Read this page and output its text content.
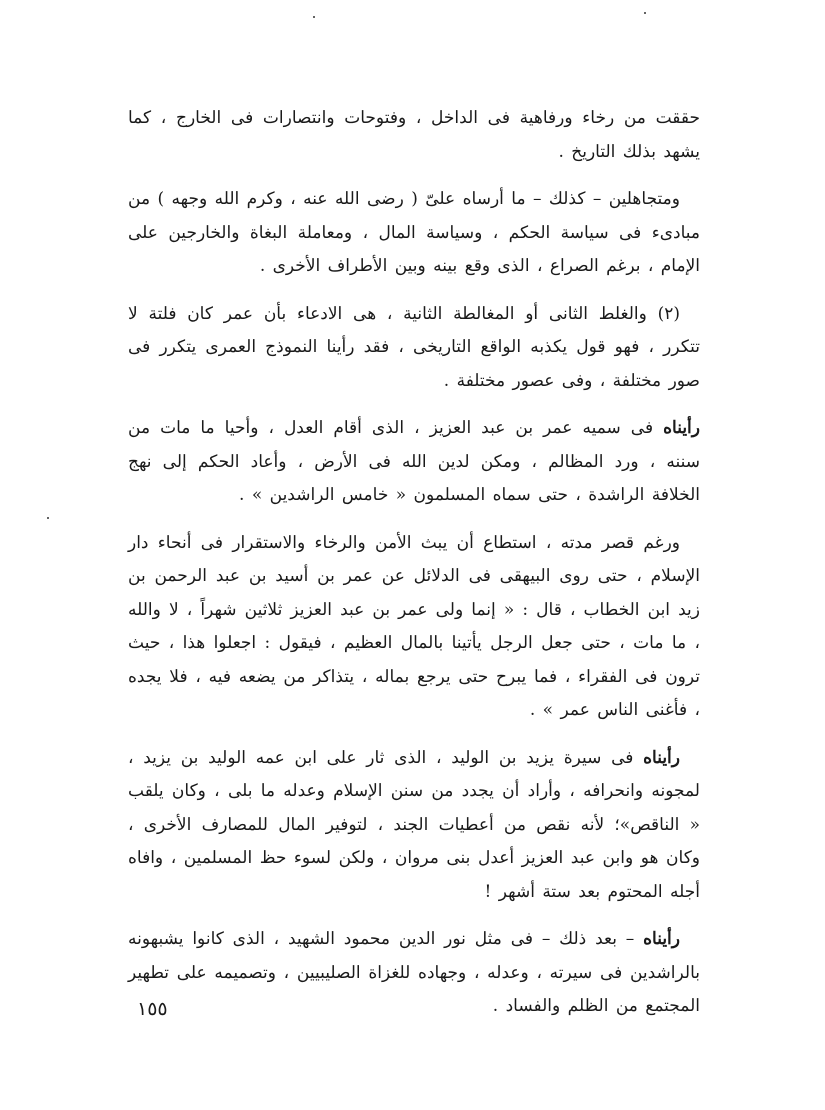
حققت من رخاء ورفاهية فى الداخل ، وفتوحات وانتصارات فى الخارج ، كما يشهد بذلك التاريخ .

ومتجاهلين – كذلك – ما أرساه علىّ ( رضى الله عنه ، وكرم الله وجهه ) من مبادىء فى سياسة الحكم ، وسياسة المال ، ومعاملة البغاة والخارجين على الإمام ، برغم الصراع ، الذى وقع بينه وبين الأطراف الأخرى .

(٢) والغلط الثانى أو المغالطة الثانية ، هى الادعاء بأن عمر كان فلتة لا تتكرر ، فهو قول يكذبه الواقع التاريخى ، فقد رأينا النموذج العمرى يتكرر فى صور مختلفة ، وفى عصور مختلفة .

رأيناه فى سميه عمر بن عبد العزيز ، الذى أقام العدل ، وأحيا ما مات من سننه ، ورد المظالم ، ومكن لدين الله فى الأرض ، وأعاد الحكم إلى نهج الخلافة الراشدة ، حتى سماه المسلمون « خامس الراشدين » .

ورغم قصر مدته ، استطاع أن يبث الأمن والرخاء والاستقرار فى أنحاء دار الإسلام ، حتى روى البيهقى فى الدلائل عن عمر بن أسيد بن عبد الرحمن بن زيد ابن الخطاب ، قال : « إنما ولى عمر بن عبد العزيز ثلاثين شهراً ، لا والله ، ما مات ، حتى جعل الرجل يأتينا بالمال العظيم ، فيقول : اجعلوا هذا ، حيث ترون فى الفقراء ، فما يبرح حتى يرجع بماله ، يتذاكر من يضعه فيه ، فلا يجده ، فأغنى الناس عمر » .

رأيناه فى سيرة يزيد بن الوليد ، الذى ثار على ابن عمه الوليد بن يزيد ، لمجونه وانحرافه ، وأراد أن يجدد من سنن الإسلام وعدله ما بلى ، وكان يلقب « الناقص»؛ لأنه نقص من أعطيات الجند ، لتوفير المال للمصارف الأخرى ، وكان هو وابن عبد العزيز أعدل بنى مروان ، ولكن لسوء حظ المسلمين ، وافاه أجله المحتوم بعد ستة أشهر !

رأيناه – بعد ذلك – فى مثل نور الدين محمود الشهيد ، الذى كانوا يشبهونه بالراشدين فى سيرته ، وعدله ، وجهاده للغزاة الصليبيين ، وتصميمه على تطهير المجتمع من الظلم والفساد .

١٥٥
